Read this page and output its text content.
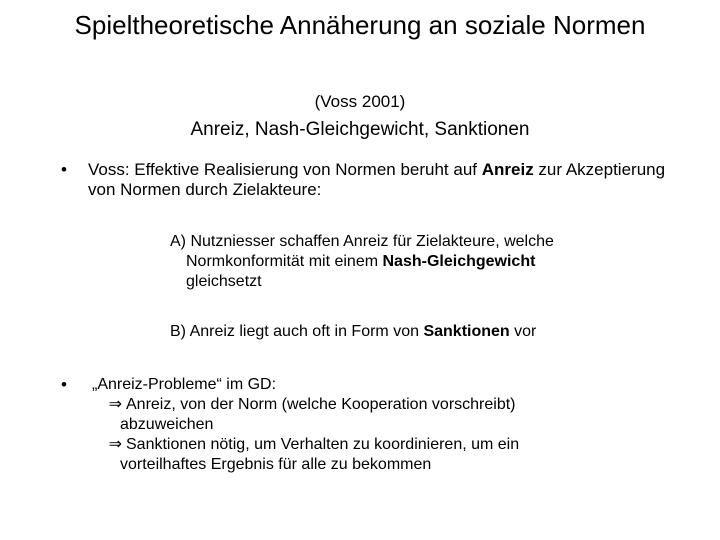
Spieltheoretische Annäherung an soziale Normen
(Voss 2001)
Anreiz, Nash-Gleichgewicht, Sanktionen
• Voss: Effektive Realisierung von Normen beruht auf Anreiz zur Akzeptierung von Normen durch Zielakteure:
A) Nutzniesser schaffen Anreiz für Zielakteure, welche
Normkonformität mit einem Nash-Gleichgewicht
gleichsetzt
B) Anreiz liegt auch oft in Form von Sanktionen vor
• „Anreiz-Probleme“ im GD:
⇒ Anreiz, von der Norm (welche Kooperation vorschreibt)
abzuweichen
⇒ Sanktionen nötig, um Verhalten zu koordinieren, um ein
vorteilhaftes Ergebnis für alle zu bekommen
